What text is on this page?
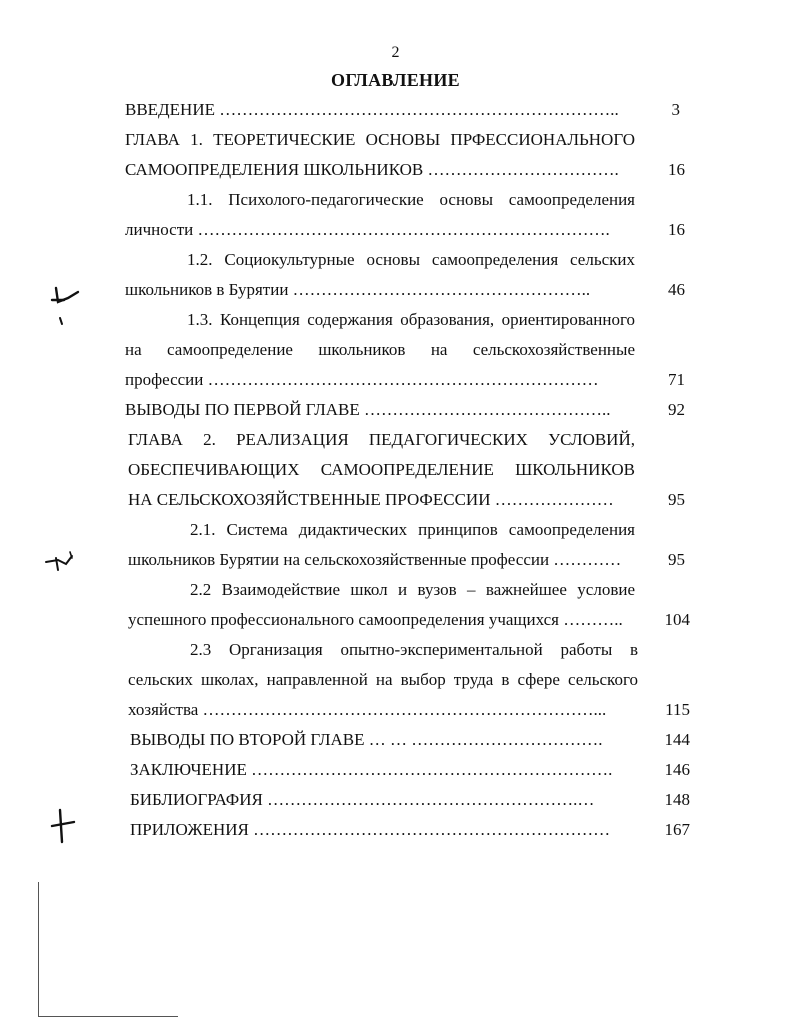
2
ОГЛАВЛЕНИЕ
ВВЕДЕНИЕ ……………………………………………………………..	3
ГЛАВА 1. ТЕОРЕТИЧЕСКИЕ ОСНОВЫ ПРФЕССИОНАЛЬНОГО
САМООПРЕДЕЛЕНИЯ ШКОЛЬНИКОВ …………………………….	16
1.1. Психолого-педагогические основы самоопределения
личности ……………………………………………………………….	16
1.2. Социокультурные основы самоопределения сельских
школьников в Бурятии ……………………………………………..	46
1.3. Концепция содержания образования, ориентированного
на самоопределение школьников на сельскохозяйственные
профессии ……………………………………………………………	71
ВЫВОДЫ ПО ПЕРВОЙ ГЛАВЕ ……………………………………..	92
ГЛАВА 2. РЕАЛИЗАЦИЯ ПЕДАГОГИЧЕСКИХ УСЛОВИЙ,
ОБЕСПЕЧИВАЮЩИХ САМООПРЕДЕЛЕНИЕ ШКОЛЬНИКОВ
НА СЕЛЬСКОХОЗЯЙСТВЕННЫЕ ПРОФЕССИИ …………………	95
2.1. Система дидактических принципов самоопределения
школьников Бурятии на сельскохозяйственные профессии …………	95
2.2 Взаимодействие школ и вузов – важнейшее условие
успешного профессионального самоопределения учащихся ………..	104
2.3 Организация опытно-экспериментальной работы в
сельских школах, направленной на выбор труда в сфере сельского
хозяйства ……………………………………………………………...	115
ВЫВОДЫ ПО ВТОРОЙ ГЛАВЕ … … …………………………….	144
ЗАКЛЮЧЕНИЕ ……………………………………………………….	146
БИБЛИОГРАФИЯ ……………………………………………….…	148
ПРИЛОЖЕНИЯ ………………………………………………………	167
